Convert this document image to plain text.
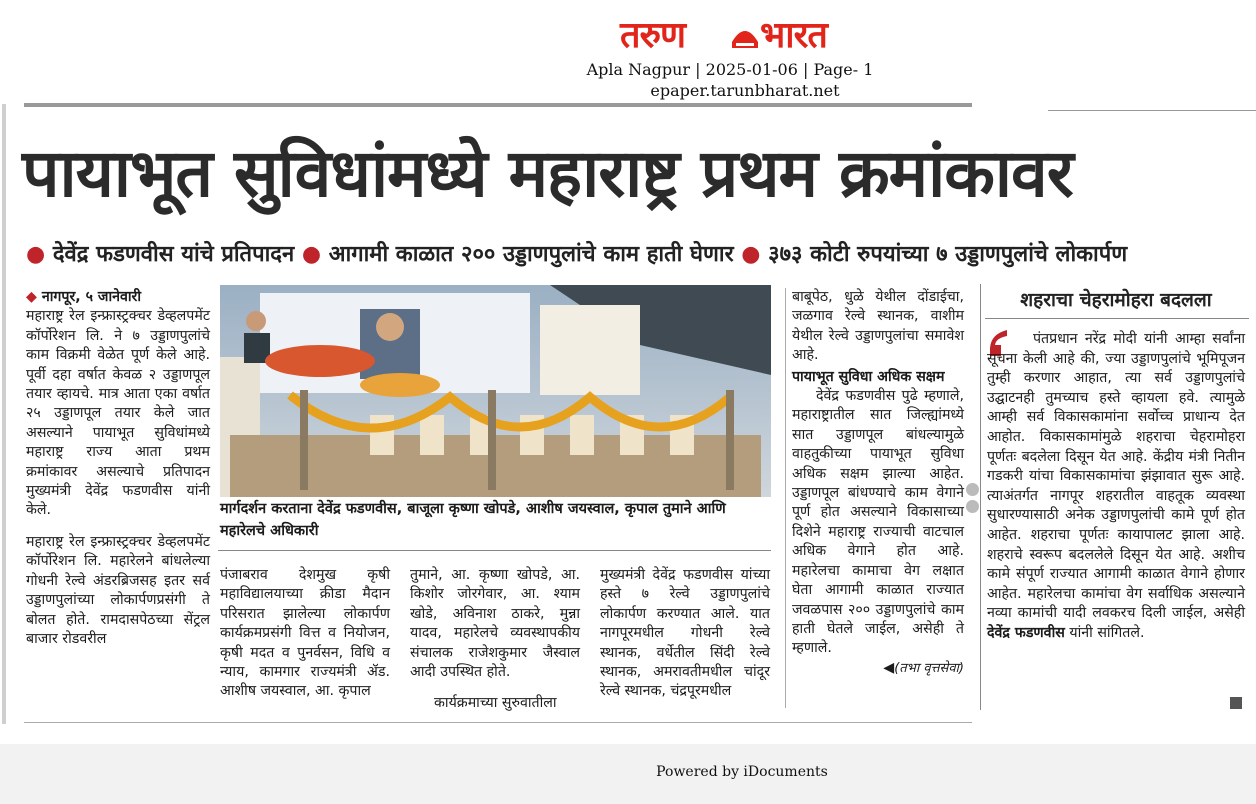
तरुण भारत
Apla Nagpur | 2025-01-06 | Page- 1
epaper.tarunbharat.net
पायाभूत सुविधांमध्ये महाराष्ट्र प्रथम क्रमांकावर
● देवेंद्र फडणवीस यांचे प्रतिपादन ● आगामी काळात २०० उड्डाणपुलांचे काम हाती घेणार ● ३७३ कोटी रुपयांच्या ७ उड्डाणपुलांचे लोकार्पण
◆ नागपूर, ५ जानेवारी
महाराष्ट्र रेल इन्फ्रास्ट्रक्चर डेव्हलपमेंट कॉर्पोरेशन लि. ने ७ उड्डाणपुलांचे काम विक्रमी वेळेत पूर्ण केले आहे. पूर्वी दहा वर्षात केवळ २ उड्डाणपूल तयार व्हायचे. मात्र आता एका वर्षात २५ उड्डाणपूल तयार केले जात असल्याने पायाभूत सुविधांमध्ये महाराष्ट्र राज्य आता प्रथम क्रमांकावर असल्याचे प्रतिपादन मुख्यमंत्री देवेंद्र फडणवीस यांनी केले.
महाराष्ट्र रेल इन्फ्रास्ट्रक्चर डेव्हलपमेंट कॉर्पोरेशन लि. महारेलने बांधलेल्या गोधनी रेल्वे अंडरब्रिजसह इतर सर्व उड्डाणपुलांच्या लोकार्पणप्रसंगी ते बोलत होते. रामदासपेठच्या सेंट्रल बाजार रोडवरील
मार्गदर्शन करताना देवेंद्र फडणवीस, बाजूला कृष्णा खोपडे, आशीष जयस्वाल, कृपाल तुमाने आणि महारेलचे अधिकारी
पंजाबराव देशमुख कृषी महाविद्यालयाच्या क्रीडा मैदान परिसरात झालेल्या लोकार्पण कार्यक्रमप्रसंगी वित्त व नियोजन, कृषी मदत व पुनर्वसन, विधि व न्याय, कामगार राज्यमंत्री ॲड. आशीष जयस्वाल, आ. कृपाल
तुमाने, आ. कृष्णा खोपडे, आ. किशोर जोरगेवार, आ. श्याम खोडे, अविनाश ठाकरे, मुन्ना यादव, महारेलचे व्यवस्थापकीय संचालक राजेशकुमार जैस्वाल आदी उपस्थित होते.
कार्यक्रमाच्या सुरुवातीला
मुख्यमंत्री देवेंद्र फडणवीस यांच्या हस्ते ७ रेल्वे उड्डाणपुलांचे लोकार्पण करण्यात आले. यात नागपूरमधील गोधनी रेल्वे स्थानक, वर्धेतील सिंदी रेल्वे स्थानक, अमरावतीमधील चांदूर रेल्वे स्थानक, चंद्रपूरमधील
बाबूपेठ, धुळे येथील दोंडाईचा, जळगाव रेल्वे स्थानक, वाशीम येथील रेल्वे उड्डाणपुलांचा समावेश आहे.
पायाभूत सुविधा अधिक सक्षम
देवेंद्र फडणवीस पुढे म्हणाले, महाराष्ट्रातील सात जिल्ह्यांमध्ये सात उड्डाणपूल बांधल्यामुळे वाहतुकीच्या पायाभूत सुविधा अधिक सक्षम झाल्या आहेत. उड्डाणपूल बांधण्याचे काम वेगाने पूर्ण होत असल्याने विकासाच्या दिशेने महाराष्ट्र राज्याची वाटचाल अधिक वेगाने होत आहे. महारेलचा कामाचा वेग लक्षात घेता आगामी काळात राज्यात जवळपास २०० उड्डाणपुलांचे काम हाती घेतले जाईल, असेही ते म्हणाले.
◀(तभा वृत्तसेवा)
शहराचा चेहरामोहरा बदलला
पंतप्रधान नरेंद्र मोदी यांनी आम्हा सर्वांना सूचना केली आहे की, ज्या उड्डाणपुलांचे भूमिपूजन तुम्ही करणार आहात, त्या सर्व उड्डाणपुलांचे उद्घाटनही तुमच्याच हस्ते व्हायला हवे. त्यामुळे आम्ही सर्व विकासकामांना सर्वोच्च प्राधान्य देत आहोत. विकासकामांमुळे शहराचा चेहरामोहरा पूर्णतः बदलेला दिसून येत आहे. केंद्रीय मंत्री नितीन गडकरी यांचा विकासकामांचा झंझावात सुरू आहे. त्याअंतर्गत नागपूर शहरातील वाहतूक व्यवस्था सुधारण्यासाठी अनेक उड्डाणपुलांची कामे पूर्ण होत आहेत. शहराचा पूर्णतः कायापालट झाला आहे. शहराचे स्वरूप बदललेले दिसून येत आहे. अशीच कामे संपूर्ण राज्यात आगामी काळात वेगाने होणार आहेत. महारेलचा कामांचा वेग सर्वाधिक असल्याने नव्या कामांची यादी लवकरच दिली जाईल, असेही देवेंद्र फडणवीस यांनी सांगितले.
Powered by iDocuments
